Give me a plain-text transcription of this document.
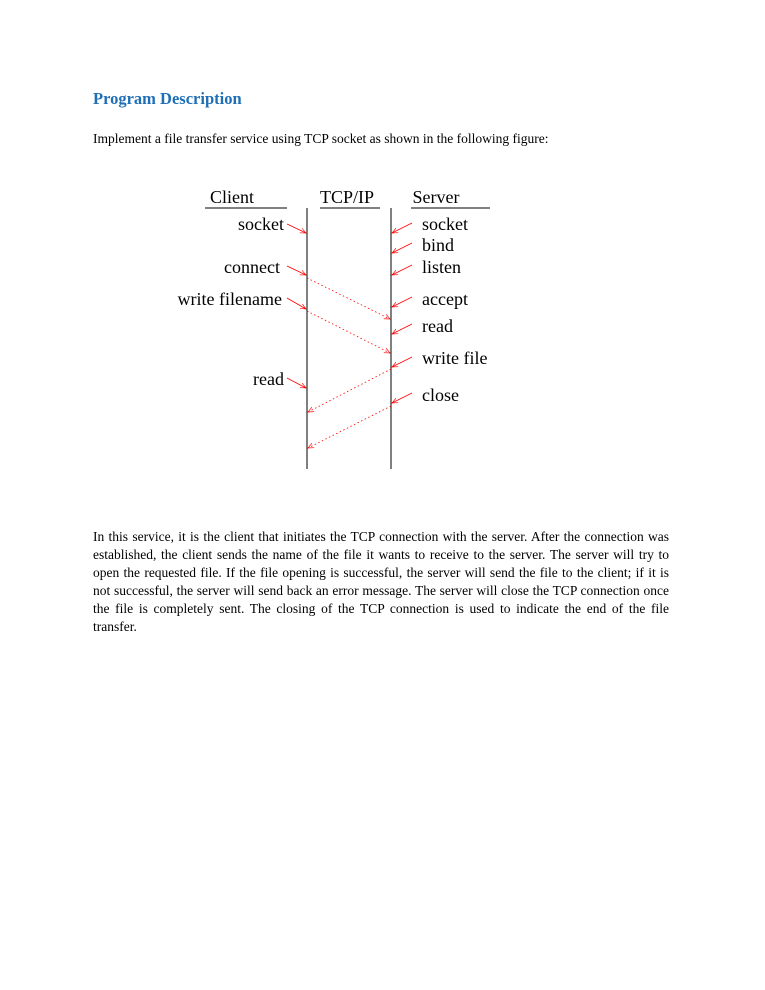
Program Description
Implement a file transfer service using TCP socket as shown in the following figure:
Client	TCP/IP Server
socket
connect
write filename
read
socket
bind
listen
accept
read
write file
close
In this service, it is the client that initiates the TCP connection with the server. After the connection was established, the client sends the name of the file it wants to receive to the server. The server will try to open the requested file. If the file opening is successful, the server will send the file to the client; if it is not successful, the server will send back an error message. The server will close the TCP connection once the file is completely sent. The closing of the TCP connection is used to indicate the end of the file transfer.
